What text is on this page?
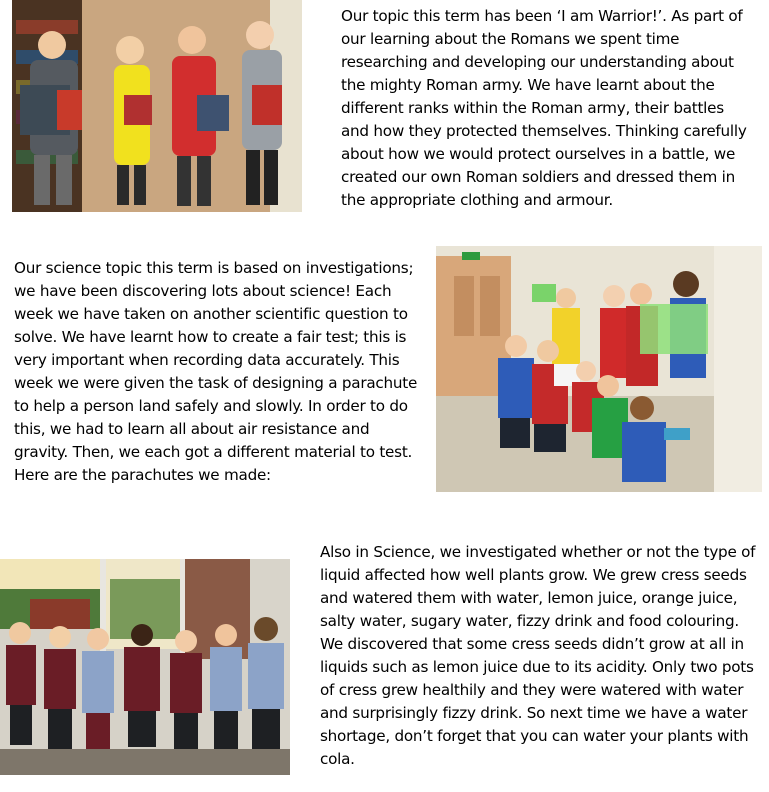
Our topic this term has been ‘I am Warrior!’. As part of
our learning about the Romans we spent time
researching and developing our understanding about
the mighty Roman army. We have learnt about the
different ranks within the Roman army, their battles
and how they protected themselves. Thinking carefully
about how we would protect ourselves in a battle, we
created our own Roman soldiers and dressed them in
the appropriate clothing and armour.

Our science topic this term is based on investigations;
we have been discovering lots about science! Each
week we have taken on another scientific question to
solve. We have learnt how to create a fair test; this is
very important when recording data accurately. This
week we were given the task of designing a parachute
to help a person land safely and slowly. In order to do
this, we had to learn all about air resistance and
gravity. Then, we each got a different material to test.
Here are the parachutes we made:

Also in Science, we investigated whether or not the type of
liquid affected how well plants grow. We grew cress seeds
and watered them with water, lemon juice, orange juice,
salty water, sugary water, fizzy drink and food colouring.
We discovered that some cress seeds didn’t grow at all in
liquids such as lemon juice due to its acidity. Only two pots
of cress grew healthily and they were watered with water
and surprisingly fizzy drink. So next time we have a water
shortage, don’t forget that you can water your plants with
cola.
